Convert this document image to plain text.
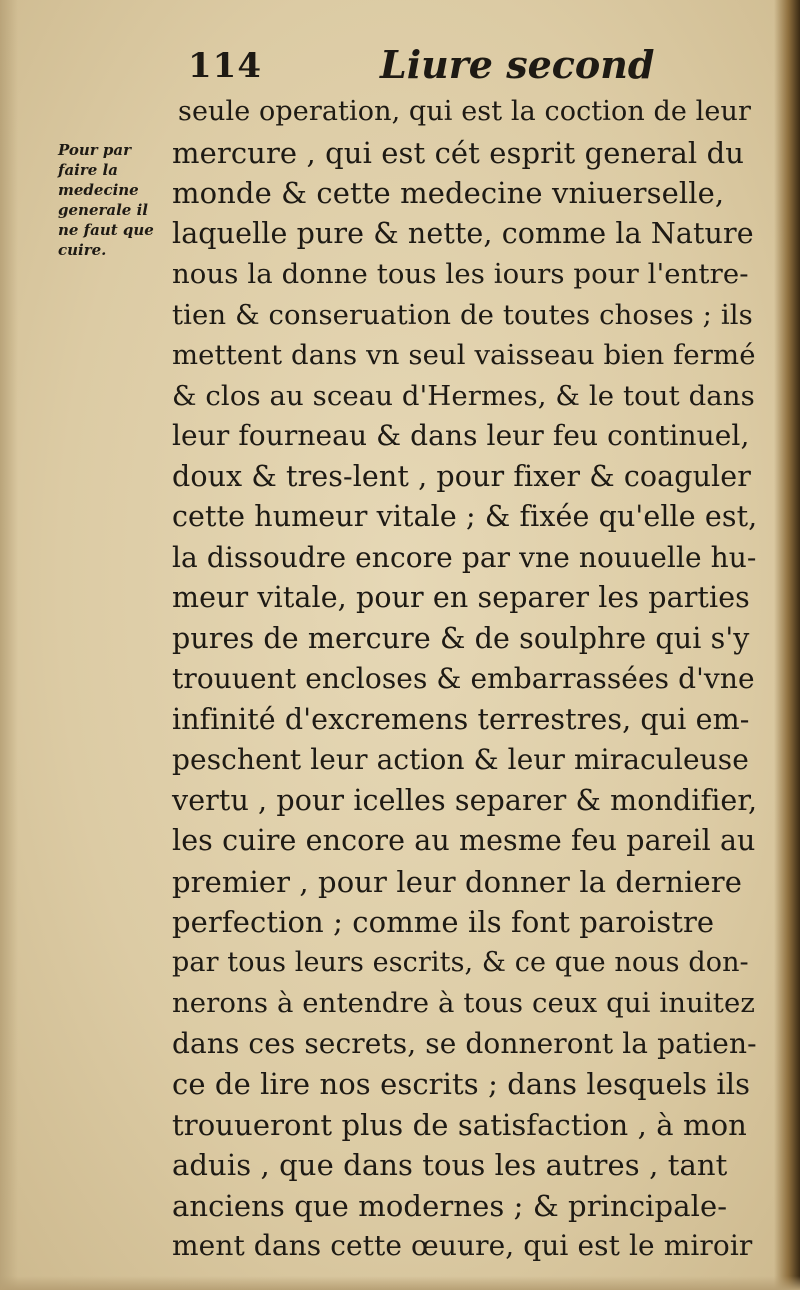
114	Liure second
Pour par
faire la
medecine
generale il
ne faut que
cuire.
seule operation, qui est la coction de leur
mercure , qui est cét esprit general du
monde & cette medecine vniuerselle,
laquelle pure & nette, comme la Nature
nous la donne tous les iours pour l'entre-
tien & conseruation de toutes choses ; ils
mettent dans vn seul vaisseau bien fermé
& clos au sceau d'Hermes, & le tout dans
leur fourneau & dans leur feu continuel,
doux & tres-lent , pour fixer & coaguler
cette humeur vitale ; & fixée qu'elle est,
la dissoudre encore par vne nouuelle hu-
meur vitale, pour en separer les parties
pures de mercure & de soulphre qui s'y
trouuent encloses & embarrassées d'vne
infinité d'excremens terrestres, qui em-
peschent leur action & leur miraculeuse
vertu , pour icelles separer & mondifier,
les cuire encore au mesme feu pareil au
premier , pour leur donner la derniere
perfection ; comme ils font paroistre
par tous leurs escrits, & ce que nous don-
nerons à entendre à tous ceux qui inuitez
dans ces secrets, se donneront la patien-
ce de lire nos escrits ; dans lesquels ils
trouueront plus de satisfaction , à mon
aduis , que dans tous les autres , tant
anciens que modernes ; & principale-
ment dans cette œuure, qui est le miroir
